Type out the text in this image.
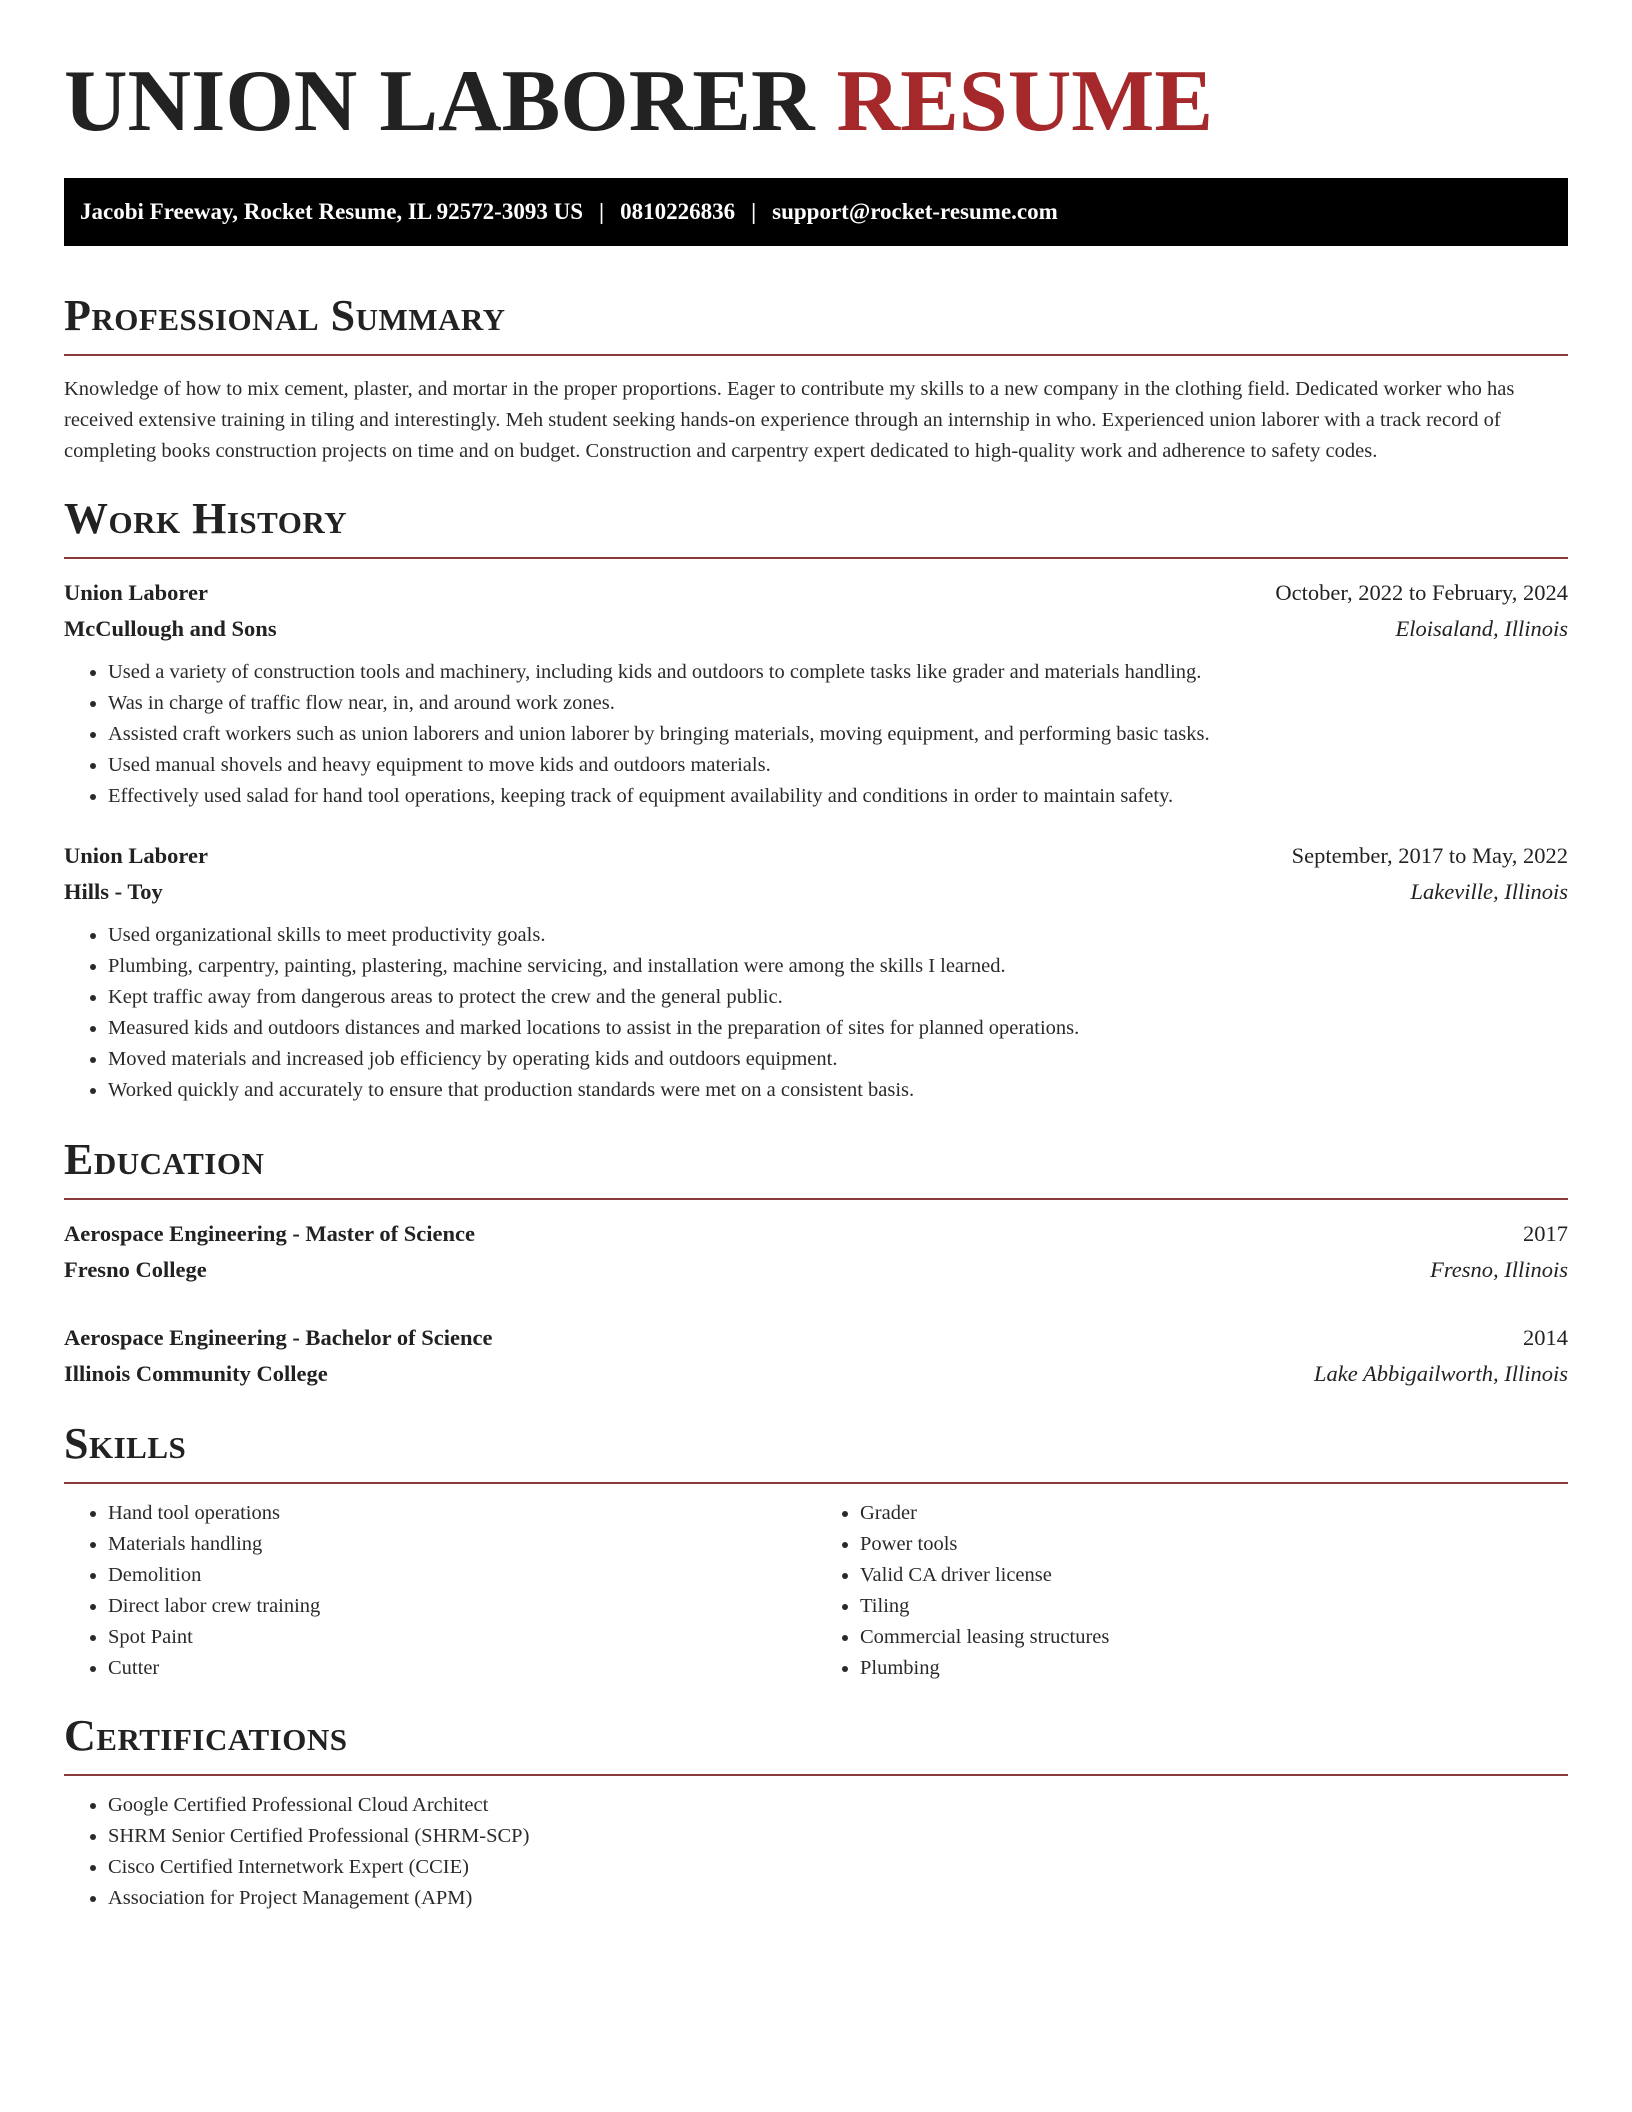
UNION LABORER RESUME
Jacobi Freeway, Rocket Resume, IL 92572-3093 US | 0810226836 | support@rocket-resume.com
Professional Summary

Knowledge of how to mix cement, plaster, and mortar in the proper proportions. Eager to contribute my skills to a new company in the clothing field. Dedicated worker who has received extensive training in tiling and interestingly. Meh student seeking hands-on experience through an internship in who. Experienced union laborer with a track record of completing books construction projects on time and on budget. Construction and carpentry expert dedicated to high-quality work and adherence to safety codes.

Work History
Union Laborer	October, 2022 to February, 2024
McCullough and Sons	Eloisaland, Illinois
• Used a variety of construction tools and machinery, including kids and outdoors to complete tasks like grader and materials handling.
• Was in charge of traffic flow near, in, and around work zones.
• Assisted craft workers such as union laborers and union laborer by bringing materials, moving equipment, and performing basic tasks.
• Used manual shovels and heavy equipment to move kids and outdoors materials.
• Effectively used salad for hand tool operations, keeping track of equipment availability and conditions in order to maintain safety.
Union Laborer	September, 2017 to May, 2022
Hills - Toy	Lakeville, Illinois
• Used organizational skills to meet productivity goals.
• Plumbing, carpentry, painting, plastering, machine servicing, and installation were among the skills I learned.
• Kept traffic away from dangerous areas to protect the crew and the general public.
• Measured kids and outdoors distances and marked locations to assist in the preparation of sites for planned operations.
• Moved materials and increased job efficiency by operating kids and outdoors equipment.
• Worked quickly and accurately to ensure that production standards were met on a consistent basis.
Education
Aerospace Engineering - Master of Science	2017
Fresno College	Fresno, Illinois
Aerospace Engineering - Bachelor of Science	2014
Illinois Community College	Lake Abbigailworth, Illinois
Skills
• Hand tool operations
• Materials handling
• Demolition
• Direct labor crew training
• Spot Paint
• Cutter
• Grader
• Power tools
• Valid CA driver license
• Tiling
• Commercial leasing structures
• Plumbing
Certifications
• Google Certified Professional Cloud Architect
• SHRM Senior Certified Professional (SHRM-SCP)
• Cisco Certified Internetwork Expert (CCIE)
• Association for Project Management (APM)
